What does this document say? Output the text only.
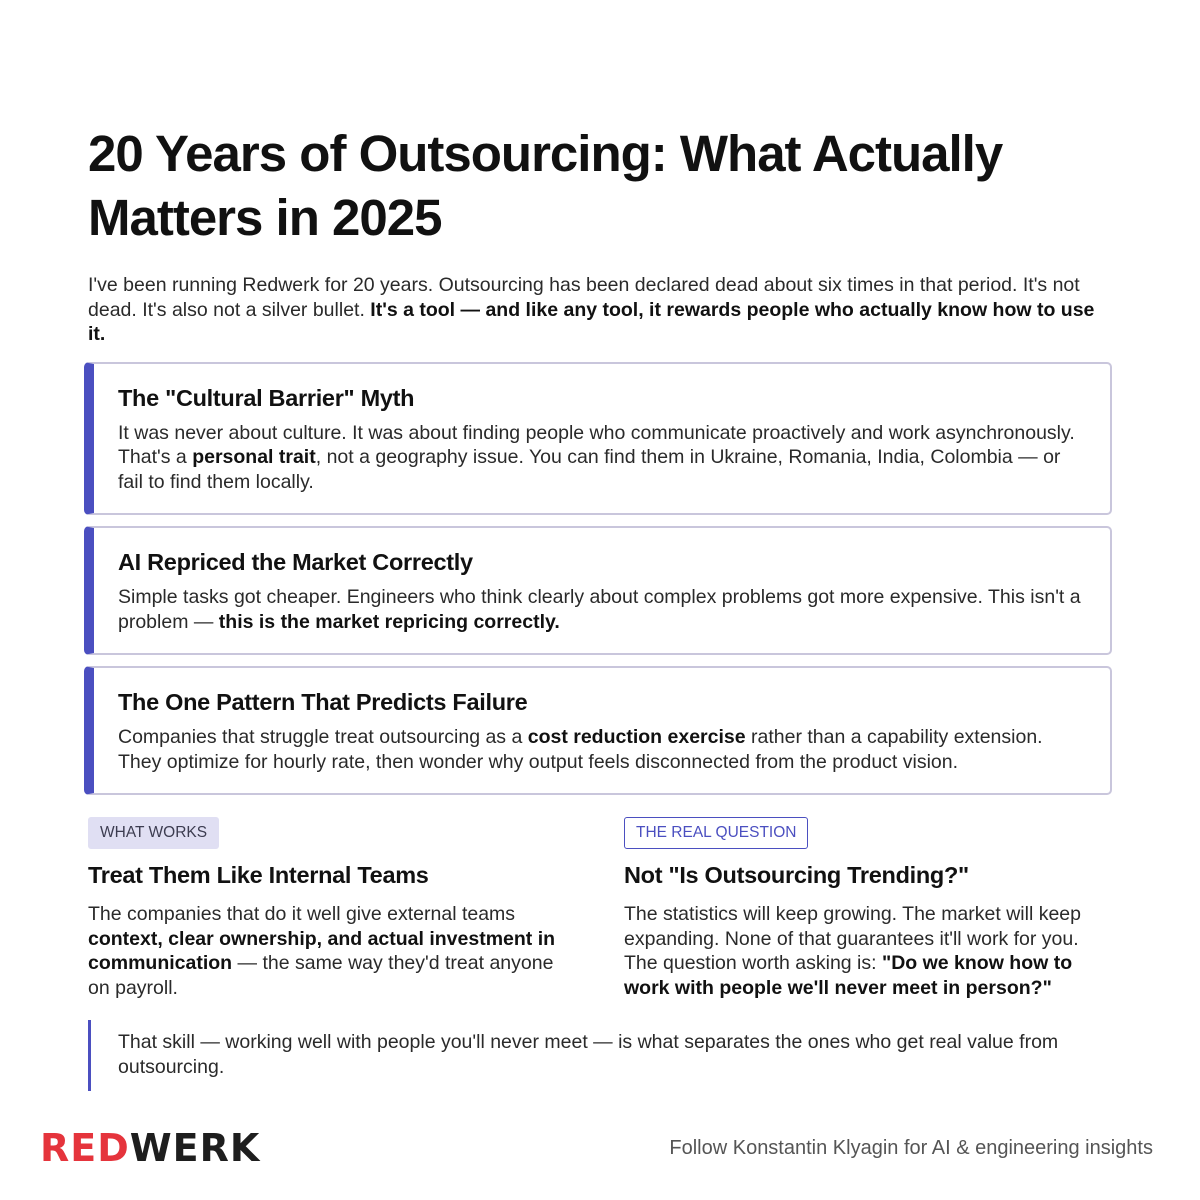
20 Years of Outsourcing: What Actually Matters in 2025

I've been running Redwerk for 20 years. Outsourcing has been declared dead about six times in that period. It's not dead. It's also not a silver bullet. It's a tool — and like any tool, it rewards people who actually know how to use it.

The "Cultural Barrier" Myth

It was never about culture. It was about finding people who communicate proactively and work asynchronously. That's a personal trait, not a geography issue. You can find them in Ukraine, Romania, India, Colombia — or fail to find them locally.

AI Repriced the Market Correctly

Simple tasks got cheaper. Engineers who think clearly about complex problems got more expensive. This isn't a problem — this is the market repricing correctly.

The One Pattern That Predicts Failure

Companies that struggle treat outsourcing as a cost reduction exercise rather than a capability extension. They optimize for hourly rate, then wonder why output feels disconnected from the product vision.

WHAT WORKS
Treat Them Like Internal Teams

The companies that do it well give external teams context, clear ownership, and actual investment in communication — the same way they'd treat anyone on payroll.

THE REAL QUESTION
Not "Is Outsourcing Trending?"

The statistics will keep growing. The market will keep expanding. None of that guarantees it'll work for you. The question worth asking is: "Do we know how to work with people we'll never meet in person?"

That skill — working well with people you'll never meet — is what separates the ones who get real value from outsourcing.
REDWERK	Follow Konstantin Klyagin for AI & engineering insights
